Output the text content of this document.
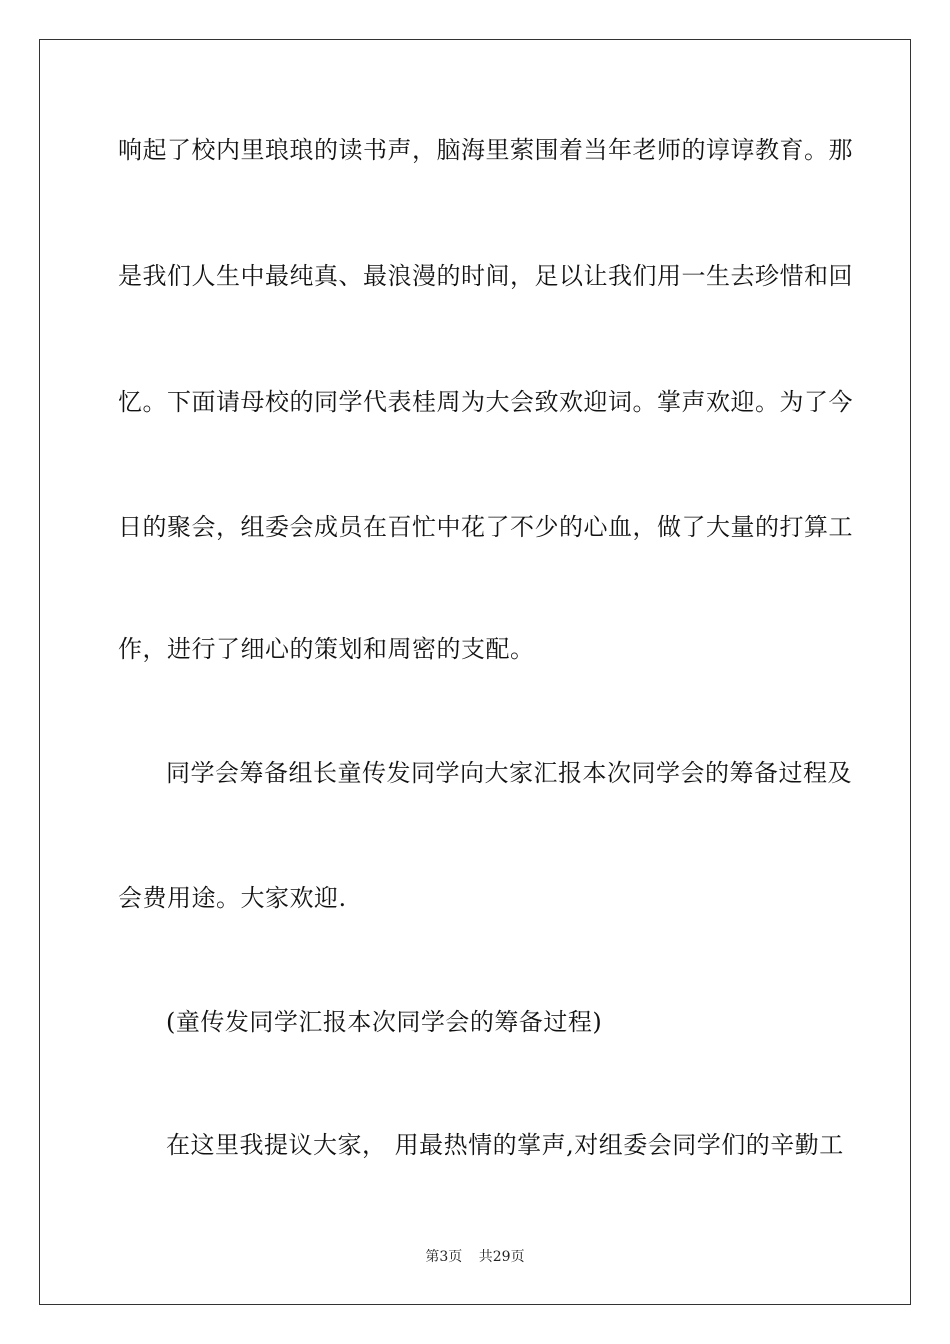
响起了校内里琅琅的读书声，脑海里萦围着当年老师的谆谆教育。那
是我们人生中最纯真、最浪漫的时间，足以让我们用一生去珍惜和回
忆。下面请母校的同学代表桂周为大会致欢迎词。掌声欢迎。为了今
日的聚会，组委会成员在百忙中花了不少的心血，做了大量的打算工
作，进行了细心的策划和周密的支配。
同学会筹备组长童传发同学向大家汇报本次同学会的筹备过程及
会费用途。大家欢迎.
(童传发同学汇报本次同学会的筹备过程)
在这里我提议大家， 用最热情的掌声,对组委会同学们的辛勤工
第3页 共29页
